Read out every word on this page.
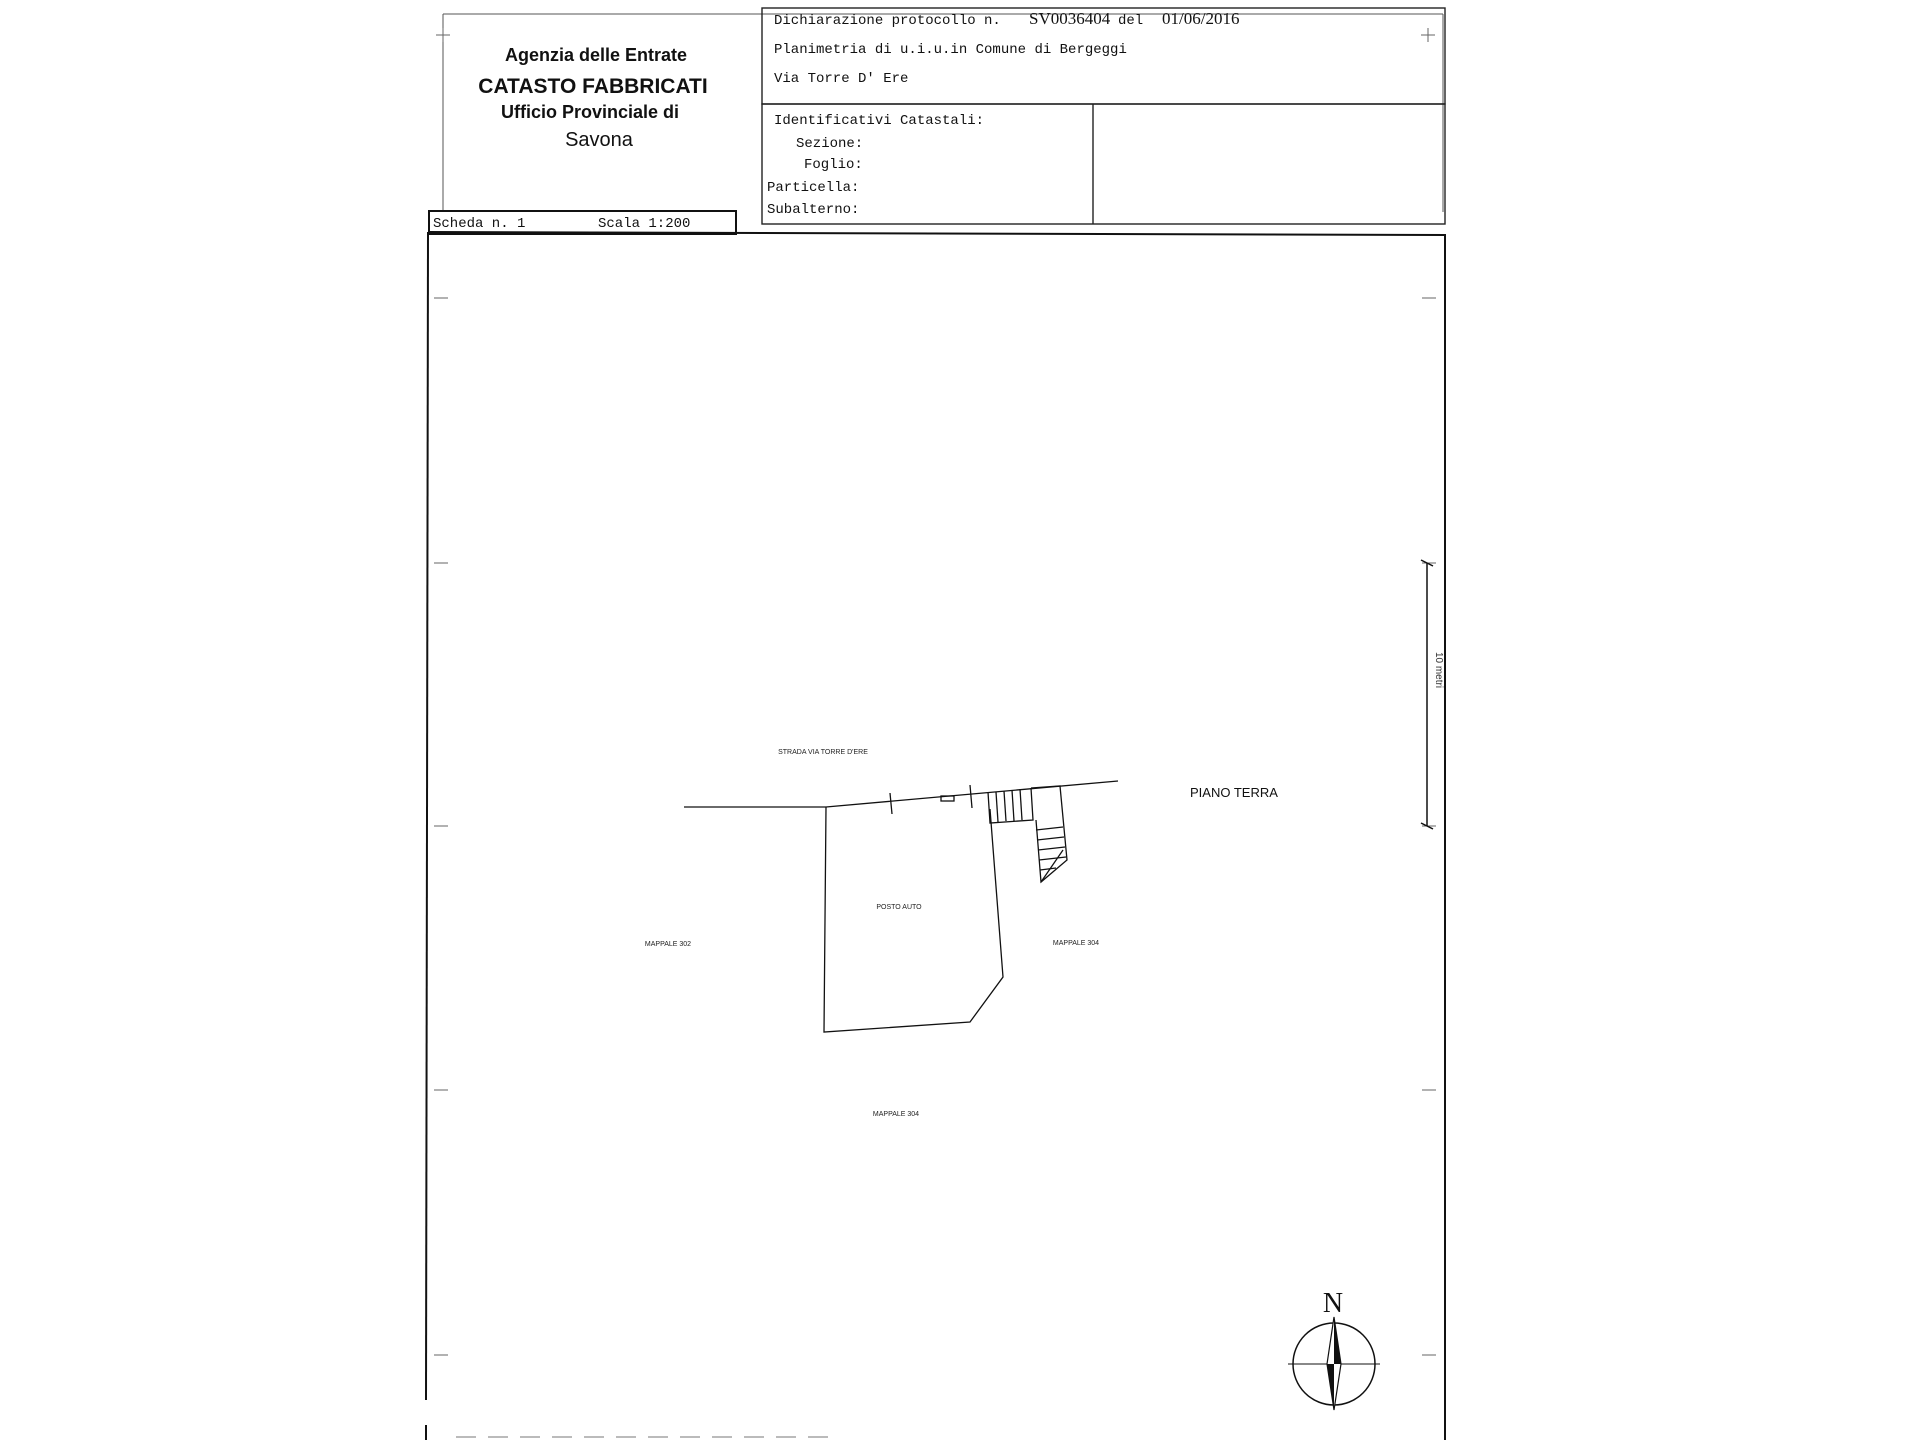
Agenzia delle Entrate
CATASTO FABBRICATI
Ufficio Provinciale di
Savona
Dichiarazione protocollo n. SV0036404 del 01/06/2016
Planimetria di u.i.u.in Comune di Bergeggi
Via Torre D' Ere
Identificativi Catastali:
Sezione:
Foglio:
Particella:
Subalterno:
Scheda n. 1	Scala 1:200
10 metri
STRADA VIA TORRE D'ERE
PIANO TERRA
POSTO AUTO
MAPPALE 302	MAPPALE 304
MAPPALE 304
N
